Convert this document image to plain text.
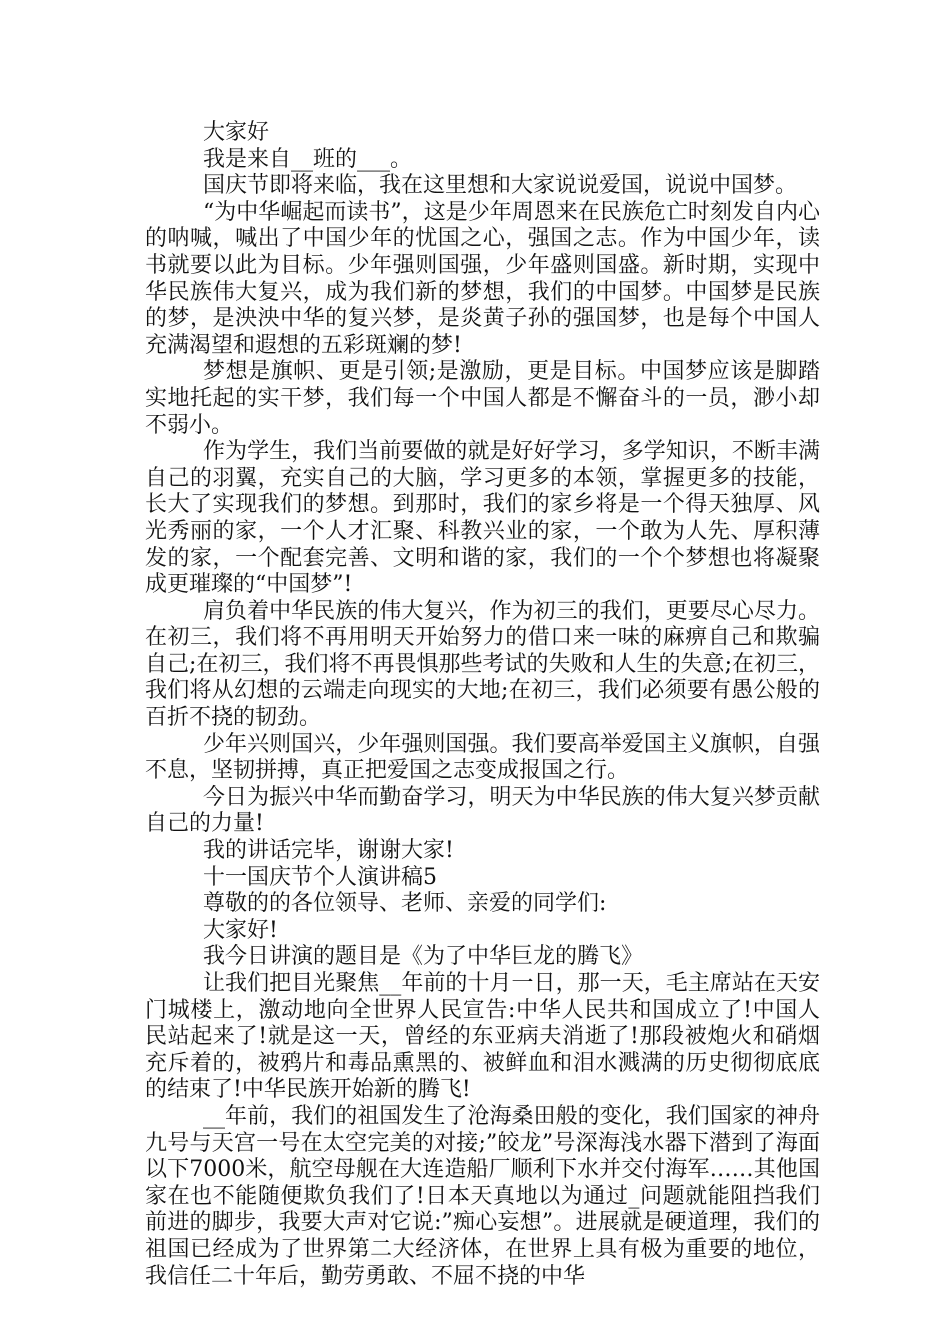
大家好

我是来自__班的___。

国庆节即将来临，我在这里想和大家说说爱国，说说中国梦。

“为中华崛起而读书”，这是少年周恩来在民族危亡时刻发自内心的呐喊，喊出了中国少年的忧国之心，强国之志。作为中国少年，读书就要以此为目标。少年强则国强，少年盛则国盛。新时期，实现中华民族伟大复兴，成为我们新的梦想，我们的中国梦。中国梦是民族的梦，是泱泱中华的复兴梦，是炎黄子孙的强国梦，也是每个中国人充满渴望和遐想的五彩斑斓的梦!

梦想是旗帜、更是引领;是激励，更是目标。中国梦应该是脚踏实地托起的实干梦，我们每一个中国人都是不懈奋斗的一员，渺小却不弱小。

作为学生，我们当前要做的就是好好学习，多学知识，不断丰满自己的羽翼，充实自己的大脑，学习更多的本领，掌握更多的技能，长大了实现我们的梦想。到那时，我们的家乡将是一个得天独厚、风光秀丽的家，一个人才汇聚、科教兴业的家，一个敢为人先、厚积薄发的家，一个配套完善、文明和谐的家，我们的一个个梦想也将凝聚成更璀璨的“中国梦”!

肩负着中华民族的伟大复兴，作为初三的我们，更要尽心尽力。在初三，我们将不再用明天开始努力的借口来一味的麻痹自己和欺骗自己;在初三，我们将不再畏惧那些考试的失败和人生的失意;在初三，我们将从幻想的云端走向现实的大地;在初三，我们必须要有愚公般的百折不挠的韧劲。

少年兴则国兴，少年强则国强。我们要高举爱国主义旗帜，自强不息，坚韧拼搏，真正把爱国之志变成报国之行。

今日为振兴中华而勤奋学习，明天为中华民族的伟大复兴梦贡献自己的力量!

我的讲话完毕，谢谢大家!

十一国庆节个人演讲稿5

尊敬的的各位领导、老师、亲爱的同学们:

大家好!

我今日讲演的题目是《为了中华巨龙的腾飞》

让我们把目光聚焦__年前的十月一日，那一天，毛主席站在天安门城楼上，激动地向全世界人民宣告:中华人民共和国成立了!中国人民站起来了!就是这一天，曾经的东亚病夫消逝了!那段被炮火和硝烟充斥着的，被鸦片和毒品熏黑的、被鲜血和泪水溅满的历史彻彻底底的结束了!中华民族开始新的腾飞!

__年前，我们的祖国发生了沧海桑田般的变化，我们国家的神舟九号与天宫一号在太空完美的对接;”皎龙”号深海浅水器下潜到了海面以下7000米，航空母舰在大连造船厂顺利下水并交付海军……其他国家在也不能随便欺负我们了!日本天真地以为通过_问题就能阻挡我们前进的脚步，我要大声对它说:”痴心妄想”。进展就是硬道理，我们的祖国已经成为了世界第二大经济体，在世界上具有极为重要的地位，我信任二十年后，勤劳勇敢、不屈不挠的中华
